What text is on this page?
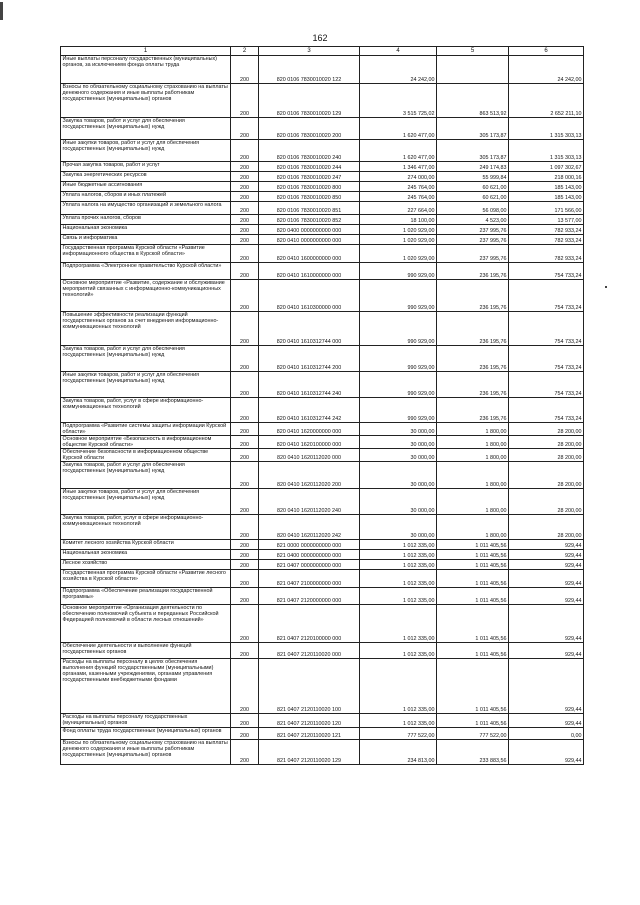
162
1	2	3	4	5	6
Иные выплаты персоналу государственных (муниципальных) органов, за исключением фонда оплаты труда	200	820 0106 7830010020 122	24 242,00		24 242,00
Взносы по обязательному социальному страхованию на выплаты денежного содержания и иные выплаты работникам государственных (муниципальных) органов	200	820 0106 7830010020 129	3 515 725,02	863 513,92	2 652 211,10
Закупка товаров, работ и услуг для обеспечения государственных (муниципальных) нужд	200	820 0106 7830010020 200	1 620 477,00	305 173,87	1 315 303,13
Иные закупки товаров, работ и услуг для обеспечения государственных (муниципальных) нужд	200	820 0106 7830010020 240	1 620 477,00	305 173,87	1 315 303,13
Прочая закупка товаров, работ и услуг	200	820 0106 7830010020 244	1 346 477,00	249 174,83	1 097 302,67
Закупка энергетических ресурсов	200	820 0106 7830010020 247	274 000,00	55 999,84	218 000,16
Иные бюджетные ассигнования	200	820 0106 7830010020 800	245 764,00	60 621,00	185 143,00
Уплата налогов, сборов и иных платежей	200	820 0106 7830010020 850	245 764,00	60 621,00	185 143,00
Уплата налога на имущество организаций и земельного налога	200	820 0106 7830010020 851	227 664,00	56 098,00	171 566,00
Уплата прочих налогов, сборов	200	820 0106 7830010020 852	18 100,00	4 523,00	13 577,00
Национальная экономика	200	820 0400 0000000000 000	1 020 929,00	237 995,76	782 933,24
Связь и информатика	200	820 0410 0000000000 000	1 020 929,00	237 995,76	782 933,24
Государственная программа Курской области «Развитие информационного общества в Курской области»	200	820 0410 1600000000 000	1 020 929,00	237 995,76	782 933,24
Подпрограмма «Электронное правительство Курской области»	200	820 0410 1610000000 000	990 929,00	236 195,76	754 733,24
Основное мероприятие «Развитие, содержание и обслуживание мероприятий связанных с информационно-коммуникационных технологий»	200	820 0410 1610300000 000	990 929,00	236 195,76	754 733,24
Повышение эффективности реализации функций государственных органов за счет внедрения информационно-коммуникационных технологий	200	820 0410 1610312744 000	990 929,00	236 195,76	754 733,24
Закупка товаров, работ и услуг для обеспечения государственных (муниципальных) нужд	200	820 0410 1610312744 200	990 929,00	236 195,76	754 733,24
Иные закупки товаров, работ и услуг для обеспечения государственных (муниципальных) нужд	200	820 0410 1610312744 240	990 929,00	236 195,76	754 733,24
Закупка товаров, работ, услуг в сфере информационно-коммуникационных технологий	200	820 0410 1610312744 242	990 929,00	236 195,76	754 733,24
Подпрограмма «Развитие системы защиты информации Курской области»	200	820 0410 1620000000 000	30 000,00	1 800,00	28 200,00
Основное мероприятие «Безопасность в информационном обществе Курской области»	200	820 0410 1620100000 000	30 000,00	1 800,00	28 200,00
Обеспечение безопасности в информационном обществе Курской области	200	820 0410 1620112020 000	30 000,00	1 800,00	28 200,00
Закупка товаров, работ и услуг для обеспечения государственных (муниципальных) нужд	200	820 0410 1620112020 200	30 000,00	1 800,00	28 200,00
Иные закупки товаров, работ и услуг для обеспечения государственных (муниципальных) нужд	200	820 0410 1620112020 240	30 000,00	1 800,00	28 200,00
Закупка товаров, работ, услуг в сфере информационно-коммуникационных технологий	200	820 0410 1620112020 242	30 000,00	1 800,00	28 200,00
Комитет лесного хозяйства Курской области	200	821 0000 0000000000 000	1 012 335,00	1 011 405,56	929,44
Национальная экономика	200	821 0400 0000000000 000	1 012 335,00	1 011 405,56	929,44
Лесное хозяйство	200	821 0407 0000000000 000	1 012 335,00	1 011 405,56	929,44
Государственная программа Курской области «Развитие лесного хозяйства в Курской области»	200	821 0407 2100000000 000	1 012 335,00	1 011 405,56	929,44
Подпрограмма «Обеспечение реализации государственной программы»	200	821 0407 2120000000 000	1 012 335,00	1 011 405,56	929,44
Основное мероприятие «Организация деятельности по обеспечению полномочий субъекта и переданных Российской Федерацией полномочий в области лесных отношений»	200	821 0407 2120100000 000	1 012 335,00	1 011 405,56	929,44
Обеспечение деятельности и выполнение функций государственных органов	200	821 0407 2120110020 000	1 012 335,00	1 011 405,56	929,44
Расходы на выплаты персоналу в целях обеспечения выполнения функций государственными (муниципальными) органами, казенными учреждениями, органами управления государственными внебюджетными фондами	200	821 0407 2120110020 100	1 012 335,00	1 011 405,56	929,44
Расходы на выплаты персоналу государственных (муниципальных) органов	200	821 0407 2120110020 120	1 012 335,00	1 011 405,56	929,44
Фонд оплаты труда государственных (муниципальных) органов	200	821 0407 2120110020 121	777 522,00	777 522,00	0,00
Взносы по обязательному социальному страхованию на выплаты денежного содержания и иные выплаты работникам государственных (муниципальных) органов	200	821 0407 2120110020 129	234 813,00	233 883,56	929,44
